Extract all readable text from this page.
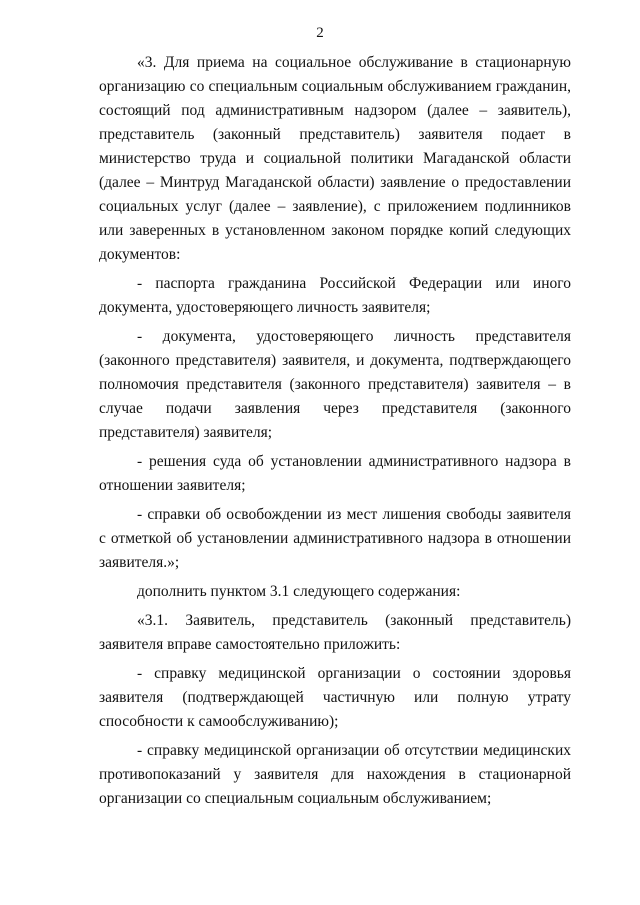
2

«3. Для приема на социальное обслуживание в стационарную организацию со специальным социальным обслуживанием гражданин, состоящий под административным надзором (далее – заявитель), представитель (законный представитель) заявителя подает в министерство труда и социальной политики Магаданской области (далее – Минтруд Магаданской области) заявление о предоставлении социальных услуг (далее – заявление), с приложением подлинников или заверенных в установленном законом порядке копий следующих документов:

- паспорта гражданина Российской Федерации или иного документа, удостоверяющего личность заявителя;

- документа, удостоверяющего личность представителя (законного представителя) заявителя, и документа, подтверждающего полномочия представителя (законного представителя) заявителя – в случае подачи заявления через представителя (законного представителя) заявителя;

- решения суда об установлении административного надзора в отношении заявителя;

- справки об освобождении из мест лишения свободы заявителя с отметкой об установлении административного надзора в отношении заявителя.»;

дополнить пунктом 3.1 следующего содержания:

«3.1. Заявитель, представитель (законный представитель) заявителя вправе самостоятельно приложить:

- справку медицинской организации о состоянии здоровья заявителя (подтверждающей частичную или полную утрату способности к самообслуживанию);

- справку медицинской организации об отсутствии медицинских противопоказаний у заявителя для нахождения в стационарной организации со специальным социальным обслуживанием;
